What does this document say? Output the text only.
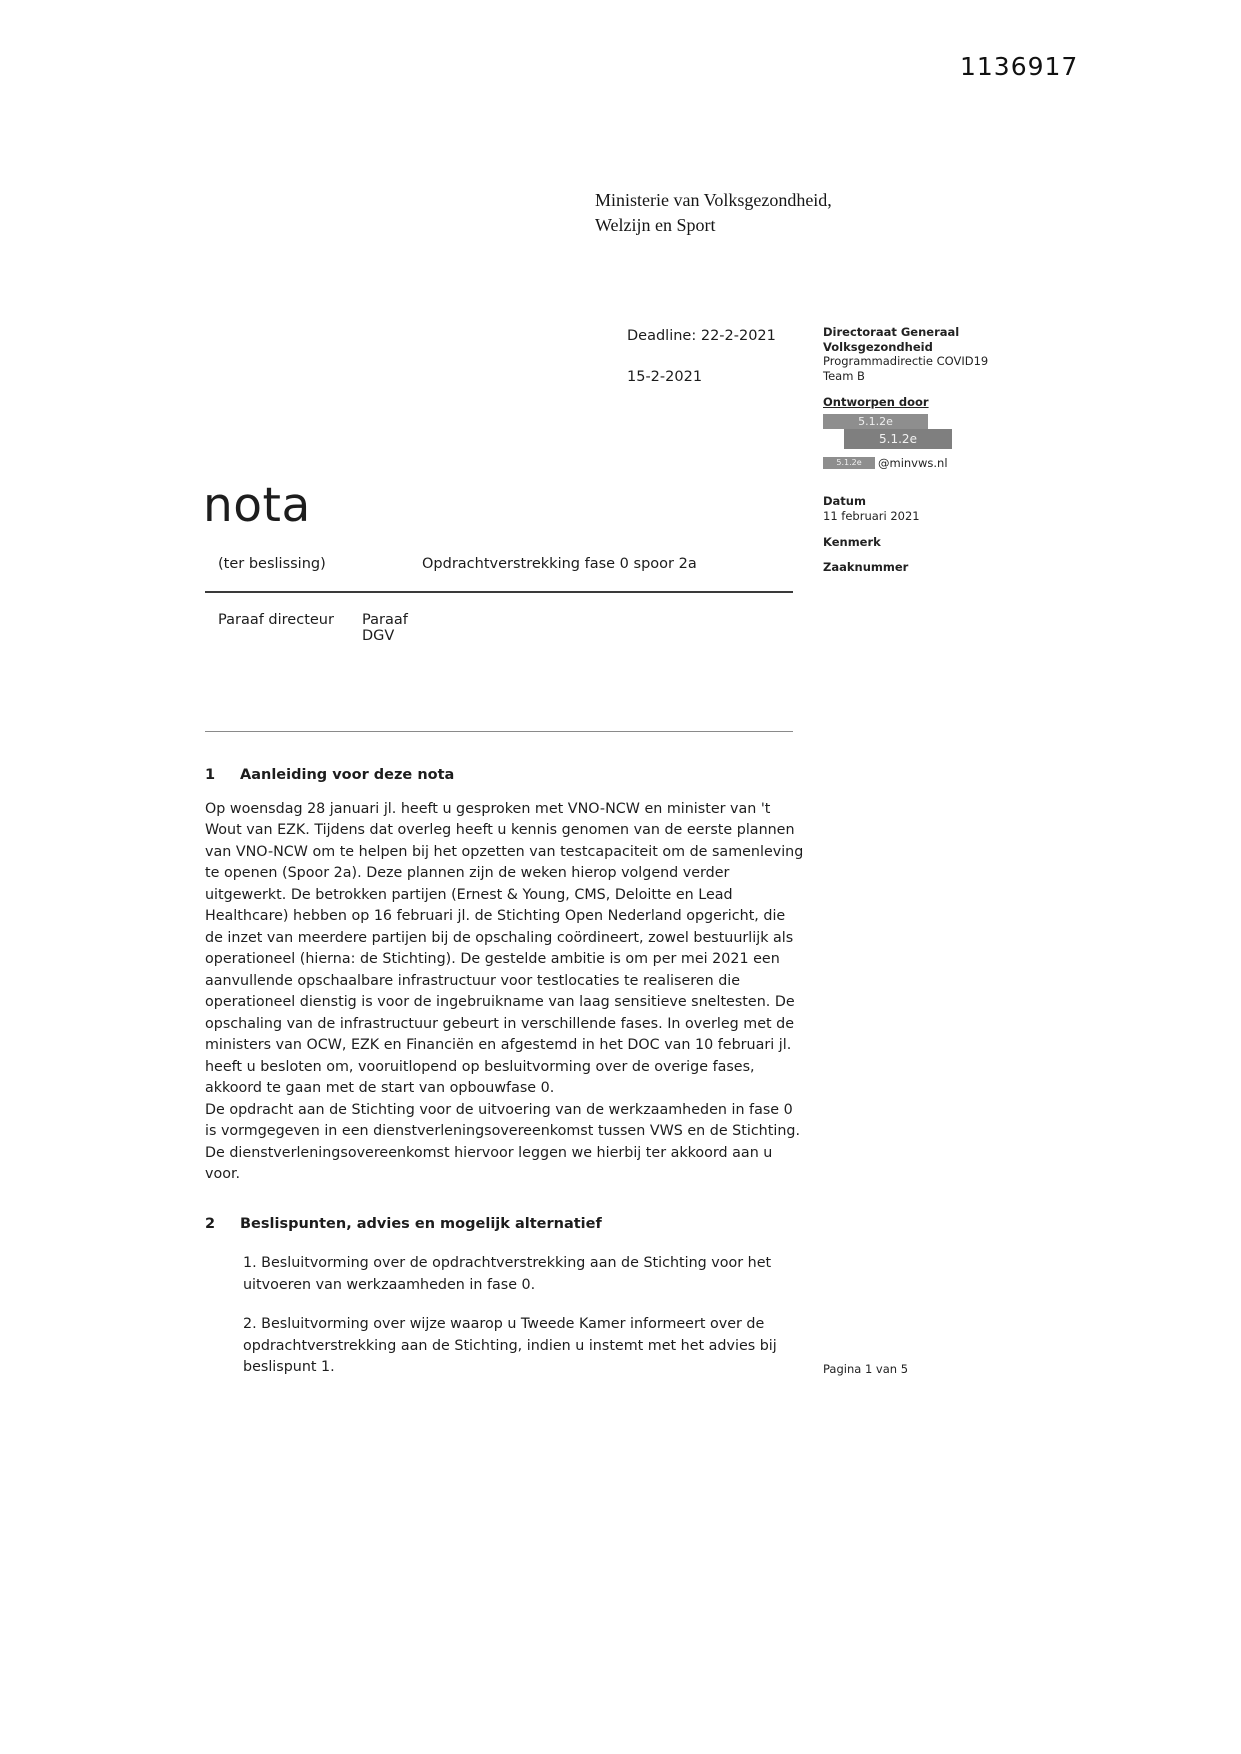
1136917
Ministerie van Volksgezondheid,
Welzijn en Sport
Deadline: 22-2-2021
15-2-2021
Directoraat Generaal
Volksgezondheid
Programmadirectie COVID19
Team B
Ontworpen door
5.1.2e
5.1.2e
5.1.2e	@minvws.nl
Datum
11 februari 2021
Kenmerk
Zaaknummer
nota
(ter beslissing)	Opdrachtverstrekking fase 0 spoor 2a
Paraaf directeur Paraaf DGV
1	Aanleiding voor deze nota

Op woensdag 28 januari jl. heeft u gesproken met VNO-NCW en minister van 't Wout van EZK. Tijdens dat overleg heeft u kennis genomen van de eerste plannen van VNO-NCW om te helpen bij het opzetten van testcapaciteit om de samenleving te openen (Spoor 2a). Deze plannen zijn de weken hierop volgend verder uitgewerkt. De betrokken partijen (Ernest & Young, CMS, Deloitte en Lead Healthcare) hebben op 16 februari jl. de Stichting Open Nederland opgericht, die de inzet van meerdere partijen bij de opschaling coördineert, zowel bestuurlijk als operationeel (hierna: de Stichting). De gestelde ambitie is om per mei 2021 een aanvullende opschaalbare infrastructuur voor testlocaties te realiseren die operationeel dienstig is voor de ingebruikname van laag sensitieve sneltesten. De opschaling van de infrastructuur gebeurt in verschillende fases. In overleg met de ministers van OCW, EZK en Financiën en afgestemd in het DOC van 10 februari jl. heeft u besloten om, vooruitlopend op besluitvorming over de overige fases, akkoord te gaan met de start van opbouwfase 0.

De opdracht aan de Stichting voor de uitvoering van de werkzaamheden in fase 0 is vormgegeven in een dienstverleningsovereenkomst tussen VWS en de Stichting. De dienstverleningsovereenkomst hiervoor leggen we hierbij ter akkoord aan u voor.

2	Beslispunten, advies en mogelijk alternatief

1. Besluitvorming over de opdrachtverstrekking aan de Stichting voor het uitvoeren van werkzaamheden in fase 0.

2. Besluitvorming over wijze waarop u Tweede Kamer informeert over de opdrachtverstrekking aan de Stichting, indien u instemt met het advies bij beslispunt 1.	Pagina 1 van 5
